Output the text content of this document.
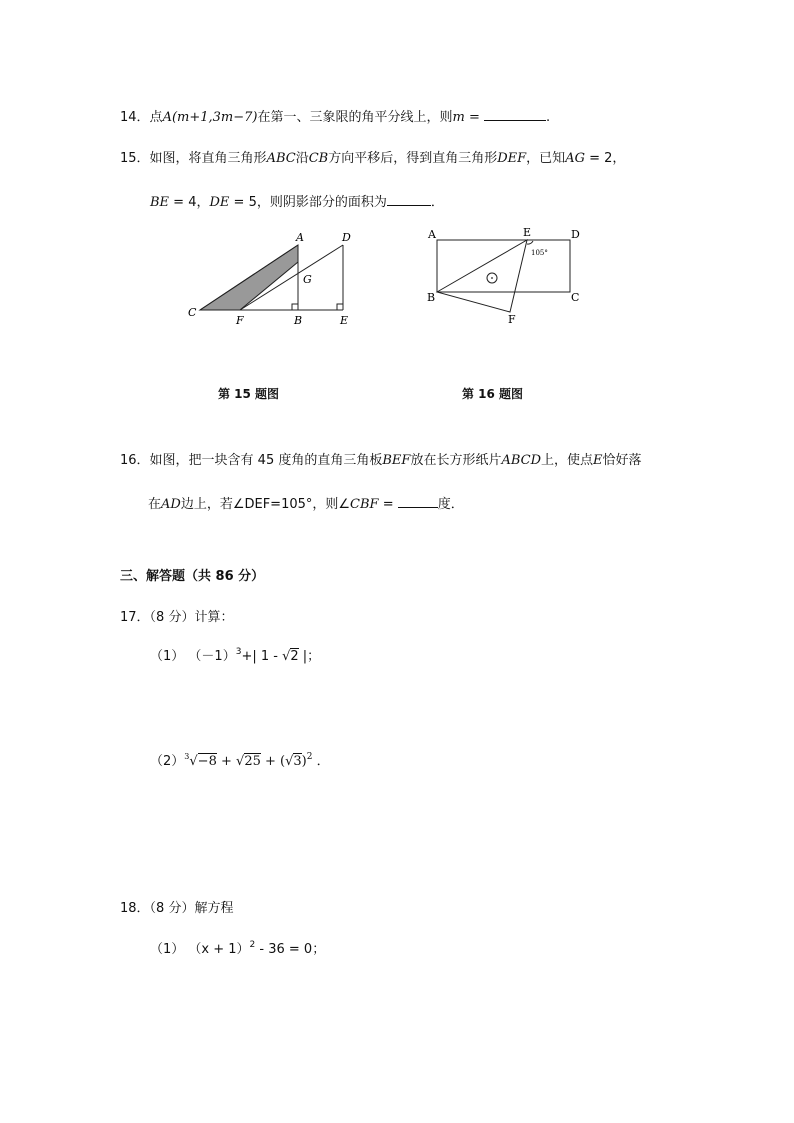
14．点A(m+1,3m−7)在第一、三象限的角平分线上，则m =	.
15．如图，将直角三角形ABC沿CB方向平移后，得到直角三角形DEF，已知AG = 2，
BE = 4，DE = 5，则阴影部分的面积为	．
A	D
G
C
F	B	E
A	E	D
B	C
F
105°
第 15 题图	第 16 题图
16．如图，把一块含有 45 度角的直角三角板BEF放在长方形纸片ABCD上，使点E恰好落
在AD边上，若∠DEF=105°，则∠CBF =	度．
三、解答题（共 86 分）
17．（8 分）计算：
（1） $(-1)^3+|$ 1 - √2 |；
$(2)^3√-8 + √25 + (√3)^2$ ．
18．（8 分）解方程
（1） $(x + 1)^2 - 36 = 0$；
